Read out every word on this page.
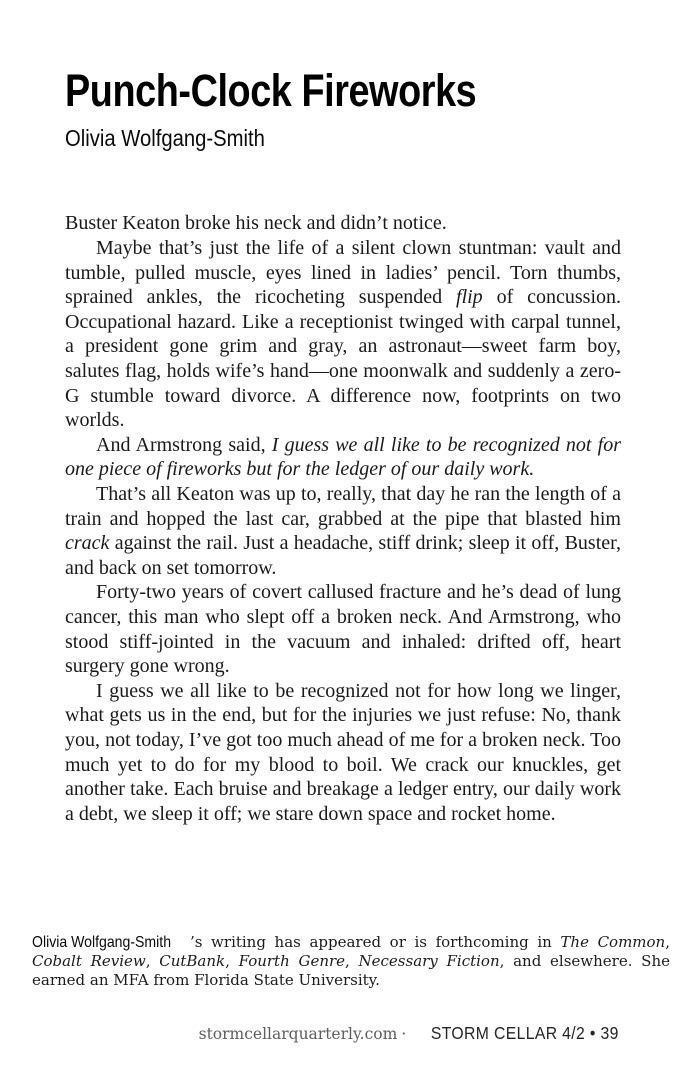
Punch-Clock Fireworks
Olivia Wolfgang-Smith

Buster Keaton broke his neck and didn’t notice.

Maybe that’s just the life of a silent clown stuntman: vault and tumble, pulled muscle, eyes lined in ladies’ pencil. Torn thumbs, sprained ankles, the ricocheting suspended flip of concussion. Occupational hazard. Like a receptionist twinged with carpal tunnel, a president gone grim and gray, an astronaut—sweet farm boy, salutes flag, holds wife’s hand—one moonwalk and suddenly a zero-G stumble toward divorce. A difference now, footprints on two worlds.

And Armstrong said, I guess we all like to be recognized not for one piece of fireworks but for the ledger of our daily work.

That’s all Keaton was up to, really, that day he ran the length of a train and hopped the last car, grabbed at the pipe that blasted him crack against the rail. Just a headache, stiff drink; sleep it off, Buster, and back on set tomorrow.

Forty-two years of covert callused fracture and he’s dead of lung cancer, this man who slept off a broken neck. And Armstrong, who stood stiff-jointed in the vacuum and inhaled: drifted off, heart surgery gone wrong.

I guess we all like to be recognized not for how long we linger, what gets us in the end, but for the injuries we just refuse: No, thank you, not today, I’ve got too much ahead of me for a broken neck. Too much yet to do for my blood to boil. We crack our knuckles, get another take. Each bruise and breakage a ledger entry, our daily work a debt, we sleep it off; we stare down space and rocket home.

Olivia Wolfgang-Smith ’s writing has appeared or is forthcoming in The Common, Cobalt Review, CutBank, Fourth Genre, Necessary Fiction, and elsewhere. She earned an MFA from Florida State University.

stormcellarquarterly.com · STORM CELLAR 4/2 • 39
